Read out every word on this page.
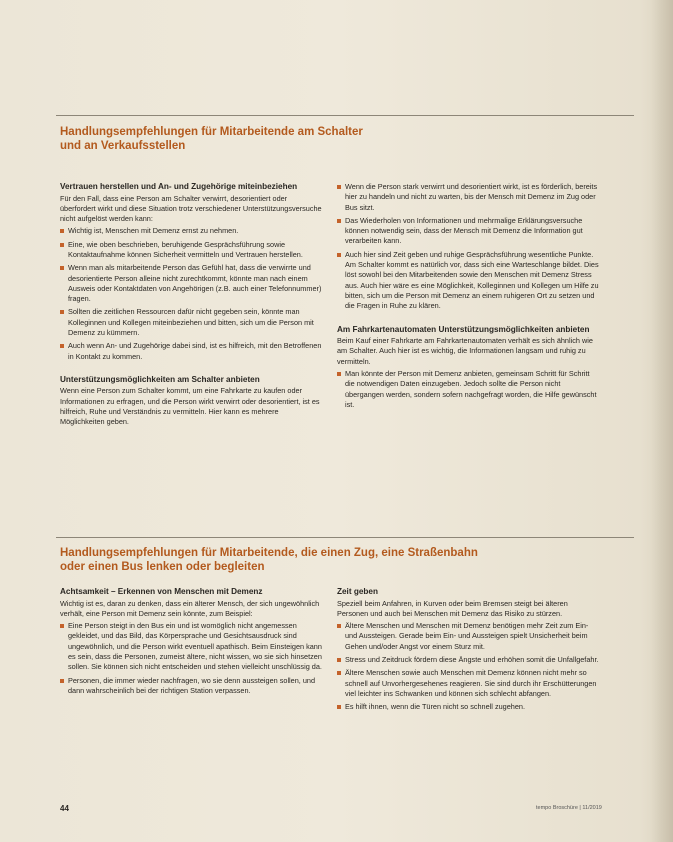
Handlungsempfehlungen für Mitarbeitende am Schalter
und an Verkaufsstellen
Vertrauen herstellen und An- und Zugehörige miteinbeziehen

Für den Fall, dass eine Person am Schalter verwirrt, desorientiert oder überfordert wirkt und diese Situation trotz verschiedener Unterstützungsversuche nicht aufgelöst werden kann:

Wichtig ist, Menschen mit Demenz ernst zu nehmen.
Eine, wie oben beschrieben, beruhigende Gesprächsführung sowie Kontaktaufnahme können Sicherheit vermitteln und Vertrauen herstellen.
Wenn man als mitarbeitende Person das Gefühl hat, dass die verwirrte und desorientierte Person alleine nicht zurechtkommt, könnte man nach einem Ausweis oder Kontaktdaten von Angehörigen (z.B. auch einer Telefonnummer) fragen.
Sollten die zeitlichen Ressourcen dafür nicht gegeben sein, könnte man Kolleginnen und Kollegen miteinbeziehen und bitten, sich um die Person mit Demenz zu kümmern.
Auch wenn An- und Zugehörige dabei sind, ist es hilfreich, mit den Betroffenen in Kontakt zu kommen.
Unterstützungsmöglichkeiten am Schalter anbieten

Wenn eine Person zum Schalter kommt, um eine Fahrkarte zu kaufen oder Informationen zu erfragen, und die Person wirkt verwirrt oder desorientiert, ist es hilfreich, Ruhe und Verständnis zu vermitteln. Hier kann es mehrere Möglichkeiten geben.

Wenn die Person stark verwirrt und desorientiert wirkt, ist es förderlich, bereits hier zu handeln und nicht zu warten, bis der Mensch mit Demenz im Zug oder Bus sitzt.
Das Wiederholen von Informationen und mehrmalige Erklärungsversuche können notwendig sein, dass der Mensch mit Demenz die Information gut verarbeiten kann.
Auch hier sind Zeit geben und ruhige Gesprächsführung wesentliche Punkte. Am Schalter kommt es natürlich vor, dass sich eine Warteschlange bildet. Dies löst sowohl bei den Mitarbeitenden sowie den Menschen mit Demenz Stress aus. Auch hier wäre es eine Möglichkeit, Kolleginnen und Kollegen um Hilfe zu bitten, sich um die Person mit Demenz an einem ruhigeren Ort zu setzen und die Fragen in Ruhe zu klären.
Am Fahrkartenautomaten Unterstützungsmöglichkeiten anbieten

Beim Kauf einer Fahrkarte am Fahrkartenautomaten verhält es sich ähnlich wie am Schalter. Auch hier ist es wichtig, die Informationen langsam und ruhig zu vermitteln.

Man könnte der Person mit Demenz anbieten, gemeinsam Schritt für Schritt die notwendigen Daten einzugeben. Jedoch sollte die Person nicht übergangen werden, sondern sofern nachgefragt worden, die Hilfe gewünscht ist.
Handlungsempfehlungen für Mitarbeitende, die einen Zug, eine Straßenbahn
oder einen Bus lenken oder begleiten
Achtsamkeit – Erkennen von Menschen mit Demenz

Wichtig ist es, daran zu denken, dass ein älterer Mensch, der sich ungewöhnlich verhält, eine Person mit Demenz sein könnte, zum Beispiel:

Eine Person steigt in den Bus ein und ist womöglich nicht angemessen gekleidet, und das Bild, das Körpersprache und Gesichtsausdruck sind ungewöhnlich, und die Person wirkt eventuell apathisch. Beim Einsteigen kann es sein, dass die Personen, zumeist ältere, nicht wissen, wo sie sich hinsetzen sollen. Sie können sich nicht entscheiden und stehen vielleicht unschlüssig da.
Personen, die immer wieder nachfragen, wo sie denn aussteigen sollen, und dann wahrscheinlich bei der richtigen Station verpassen.
Zeit geben

Speziell beim Anfahren, in Kurven oder beim Bremsen steigt bei älteren Personen und auch bei Menschen mit Demenz das Risiko zu stürzen.

Ältere Menschen und Menschen mit Demenz benötigen mehr Zeit zum Ein- und Aussteigen. Gerade beim Ein- und Aussteigen spielt Unsicherheit beim Gehen und/oder Angst vor einem Sturz mit.
Stress und Zeitdruck fördern diese Ängste und erhöhen somit die Unfallgefahr.
Ältere Menschen sowie auch Menschen mit Demenz können nicht mehr so schnell auf Unvorhergesehenes reagieren. Sie sind durch ihr Erschütterungen viel leichter ins Schwanken und können sich schlecht abfangen.
Es hilft ihnen, wenn die Türen nicht so schnell zugehen.
44	tempo Broschüre | 11/2019
